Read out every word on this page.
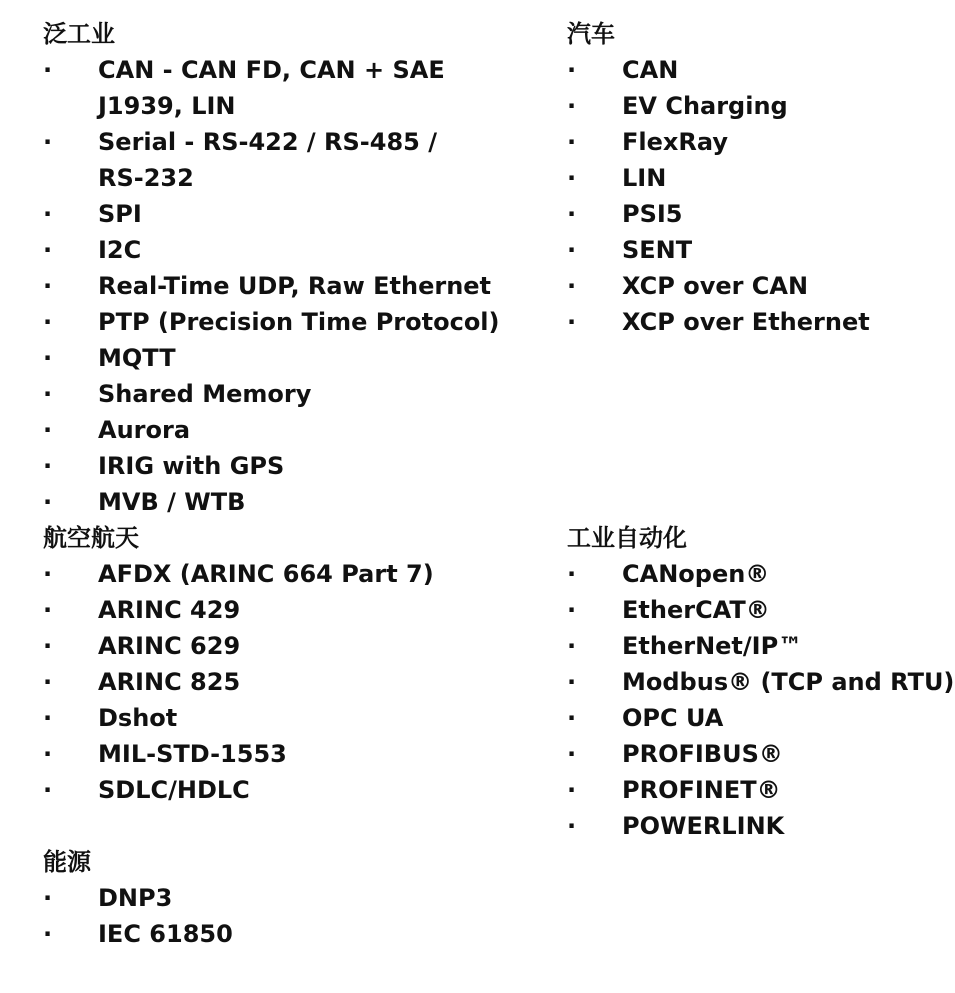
泛工业
· CAN - CAN FD, CAN + SAE J1939, LIN
· Serial - RS-422 / RS-485 / RS-232
· SPI
· I2C
· Real-Time UDP, Raw Ethernet
· PTP (Precision Time Protocol)
· MQTT
· Shared Memory
· Aurora
· IRIG with GPS
· MVB / WTB
汽车
· CAN
· EV Charging
· FlexRay
· LIN
· PSI5
· SENT
· XCP over CAN
· XCP over Ethernet
航空航天
· AFDX (ARINC 664 Part 7)
· ARINC 429
· ARINC 629
· ARINC 825
· Dshot
· MIL-STD-1553
· SDLC/HDLC
工业自动化
· CANopen®
· EtherCAT®
· EtherNet/IP™
· Modbus® (TCP and RTU)
· OPC UA
· PROFIBUS®
· PROFINET®
· POWERLINK
能源
· DNP3
· IEC 61850
